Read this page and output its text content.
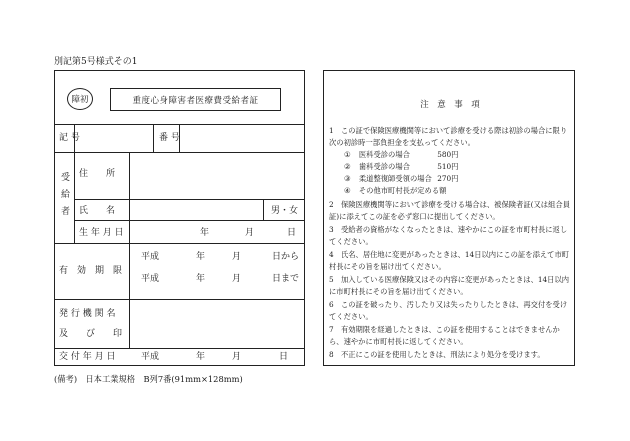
別記第5号様式その1
障初	重度心身障害者医療費受給者証
記 号	番 号
受
給
者
住　　所
氏　　名	男・女
生 年 月 日	年	月	日
有　効　期　限
平成	年	月	日から
平成	年	月	日まで
発 行 機 関 名
及　　び　　印
交 付 年 月 日	平成	年	月	日
(備考)　日本工業規格　B列7番(91mm×128mm)
注　意　事　項
1　この証で保険医療機関等において診療を受ける際は初診の場合に限り次の初診時一部負担金を支払ってください。
① 医科受診の場合	580円
② 歯科受診の場合	510円
③ 柔道整復師受領の場合 270円
④ その他市町村長が定める額
2　保険医療機関等において診療を受ける場合は、被保険者証(又は組合員証)に添えてこの証を必ず窓口に提出してください。
3　受給者の資格がなくなったときは、速やかにこの証を市町村長に返してください。
4　氏名、居住地に変更があったときは、14日以内にこの証を添えて市町村長にその旨を届け出てください。
5　加入している医療保険又はその内容に変更があったときは、14日以内に市町村長にその旨を届け出てください。
6　この証を破ったり、汚したり又は失ったりしたときは、再交付を受けてください。
7　有効期限を経過したときは、この証を使用することはできませんから、速やかに市町村長に返してください。
8　不正にこの証を使用したときは、刑法により処分を受けます。
